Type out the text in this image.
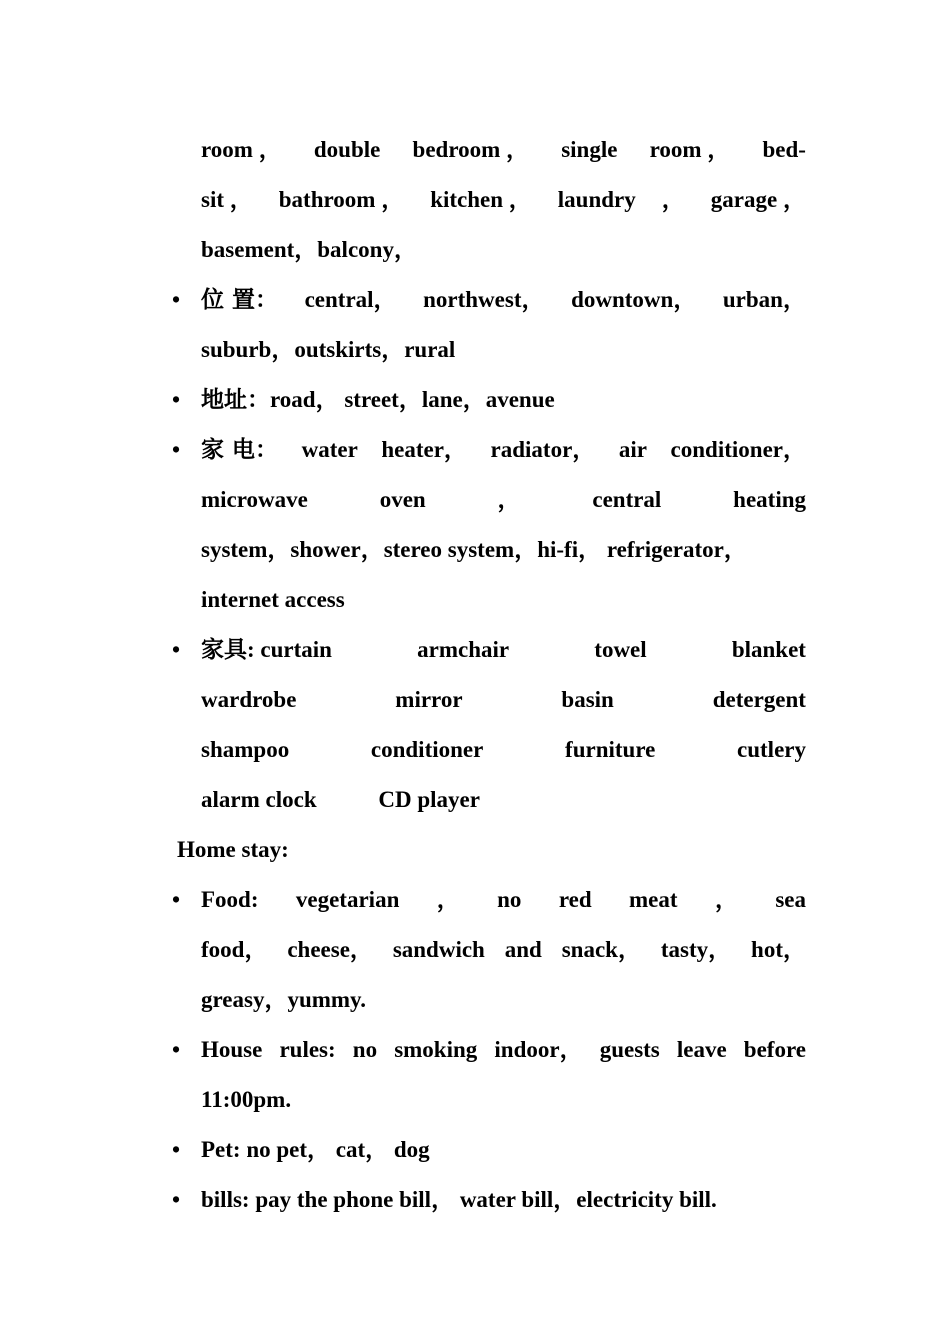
room ， double bedroom ， single room ， bed-
sit ， bathroom ， kitchen ， laundry ， garage ，
basement，balcony，
• 位 置： central， northwest， downtown， urban，
suburb，outskirts，rural
• 地址：road， street，lane，avenue
• 家 电： water heater， radiator， air conditioner，
microwave	oven	，	central	heating
system，shower，stereo system，hi-fi， refrigerator，
internet access
• 家具: curtain	armchair	towel	blanket
wardrobe	mirror	basin	detergent
shampoo	conditioner	furniture	cutlery
alarm clock	CD player
Home stay:
• Food: vegetarian ， no red meat ， sea
food， cheese， sandwich and snack， tasty， hot，
greasy，yummy.
• House rules: no smoking indoor， guests leave before
11:00pm.
• Pet: no pet， cat， dog
• bills: pay the phone bill， water bill，electricity bill.
